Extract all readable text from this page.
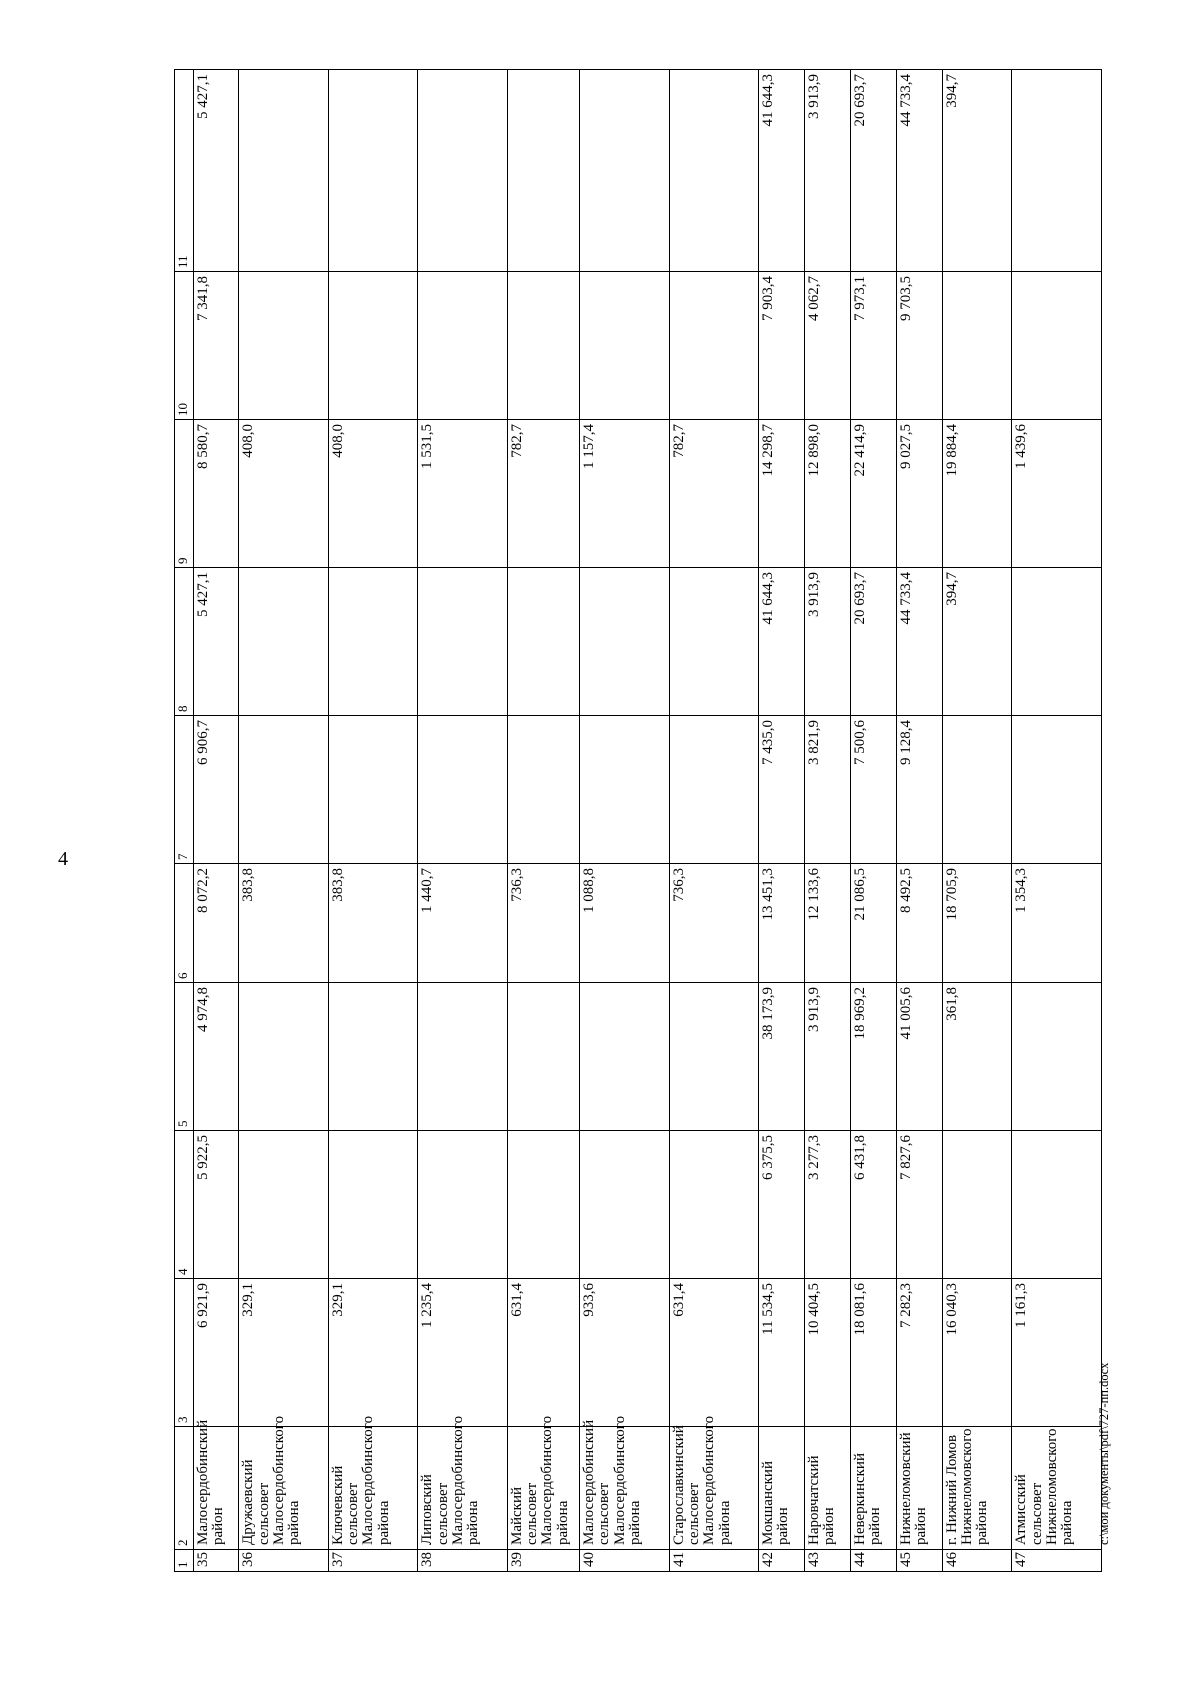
4
1	2	3	4	5	6	7	8	9	10	11
35	Малосердобинский район	6 921,9	5 922,5	4 974,8	8 072,2	6 906,7	5 427,1	8 580,7	7 341,8	5 427,1
36	Дружаевский сельсовет Малосердобинского района	329,1			383,8			408,0		
37	Ключевский сельсовет Малосердобинского района	329,1			383,8			408,0		
38	Липовский сельсовет Малосердобинского района	1 235,4			1 440,7			1 531,5		
39	Майский сельсовет Малосердобинского района	631,4			736,3			782,7		
40	Малосердобинский сельсовет Малосердобинского района	933,6			1 088,8			1 157,4		
41	Старославкинский сельсовет Малосердобинского района	631,4			736,3			782,7		
42	Мокшанский район	11 534,5	6 375,5	38 173,9	13 451,3	7 435,0	41 644,3	14 298,7	7 903,4	41 644,3
43	Наровчатский район	10 404,5	3 277,3	3 913,9	12 133,6	3 821,9	3 913,9	12 898,0	4 062,7	3 913,9
44	Неверкинский район	18 081,6	6 431,8	18 969,2	21 086,5	7 500,6	20 693,7	22 414,9	7 973,1	20 693,7
45	Нижнеломовский район	7 282,3	7 827,6	41 005,6	8 492,5	9 128,4	44 733,4	9 027,5	9 703,5	44 733,4
46	г. Нижний Ломов Нижнеломовского района	16 040,3		361,8	18 705,9		394,7	19 884,4		394,7
47	Атмисский сельсовет Нижнеломовского района	1 161,3			1 354,3			1 439,6		
c:\мои документы\pdf\727-пп.docx
